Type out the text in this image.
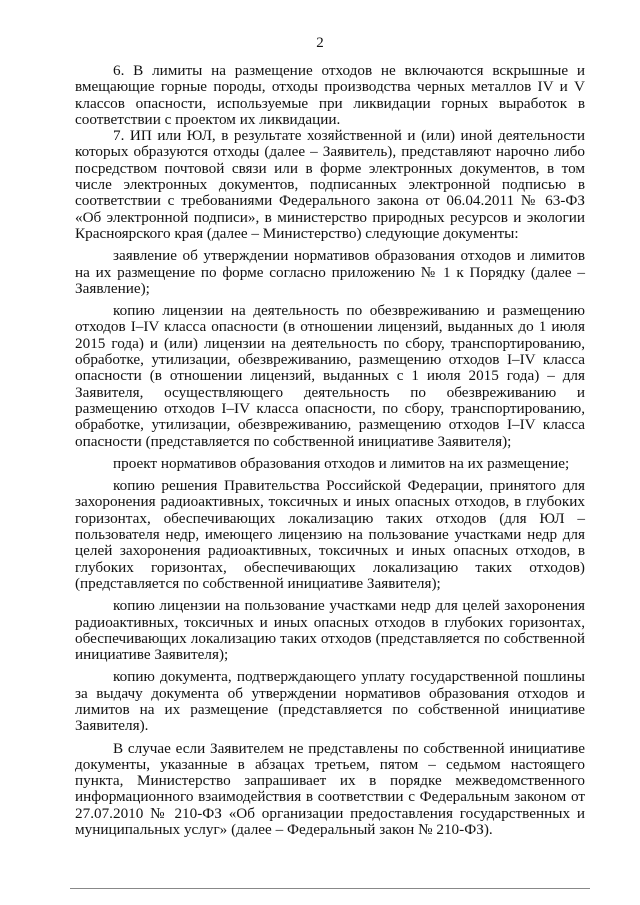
2

6. В лимиты на размещение отходов не включаются вскрышные и вмещающие горные породы, отходы производства черных металлов IV и V классов опасности, используемые при ликвидации горных выработок в соответствии с проектом их ликвидации.

7. ИП или ЮЛ, в результате хозяйственной и (или) иной деятельности которых образуются отходы (далее – Заявитель), представляют нарочно либо посредством почтовой связи или в форме электронных документов, в том числе электронных документов, подписанных электронной подписью в соответствии с требованиями Федерального закона от 06.04.2011 № 63-ФЗ «Об электронной подписи», в министерство природных ресурсов и экологии Красноярского края (далее – Министерство) следующие документы:

заявление об утверждении нормативов образования отходов и лимитов на их размещение по форме согласно приложению № 1 к Порядку (далее – Заявление);

копию лицензии на деятельность по обезвреживанию и размещению отходов I–IV класса опасности (в отношении лицензий, выданных до 1 июля 2015 года) и (или) лицензии на деятельность по сбору, транспортированию, обработке, утилизации, обезвреживанию, размещению отходов I–IV класса опасности (в отношении лицензий, выданных с 1 июля 2015 года) – для Заявителя, осуществляющего деятельность по обезвреживанию и размещению отходов I–IV класса опасности, по сбору, транспортированию, обработке, утилизации, обезвреживанию, размещению отходов I–IV класса опасности (представляется по собственной инициативе Заявителя);

проект нормативов образования отходов и лимитов на их размещение;

копию решения Правительства Российской Федерации, принятого для захоронения радиоактивных, токсичных и иных опасных отходов, в глубоких горизонтах, обеспечивающих локализацию таких отходов (для ЮЛ – пользователя недр, имеющего лицензию на пользование участками недр для целей захоронения радиоактивных, токсичных и иных опасных отходов, в глубоких горизонтах, обеспечивающих локализацию таких отходов) (представляется по собственной инициативе Заявителя);

копию лицензии на пользование участками недр для целей захоронения радиоактивных, токсичных и иных опасных отходов в глубоких горизонтах, обеспечивающих локализацию таких отходов (представляется по собственной инициативе Заявителя);

копию документа, подтверждающего уплату государственной пошлины за выдачу документа об утверждении нормативов образования отходов и лимитов на их размещение (представляется по собственной инициативе Заявителя).

В случае если Заявителем не представлены по собственной инициативе документы, указанные в абзацах третьем, пятом – седьмом настоящего пункта, Министерство запрашивает их в порядке межведомственного информационного взаимодействия в соответствии с Федеральным законом от 27.07.2010 № 210-ФЗ «Об организации предоставления государственных и муниципальных услуг» (далее – Федеральный закон № 210-ФЗ).
